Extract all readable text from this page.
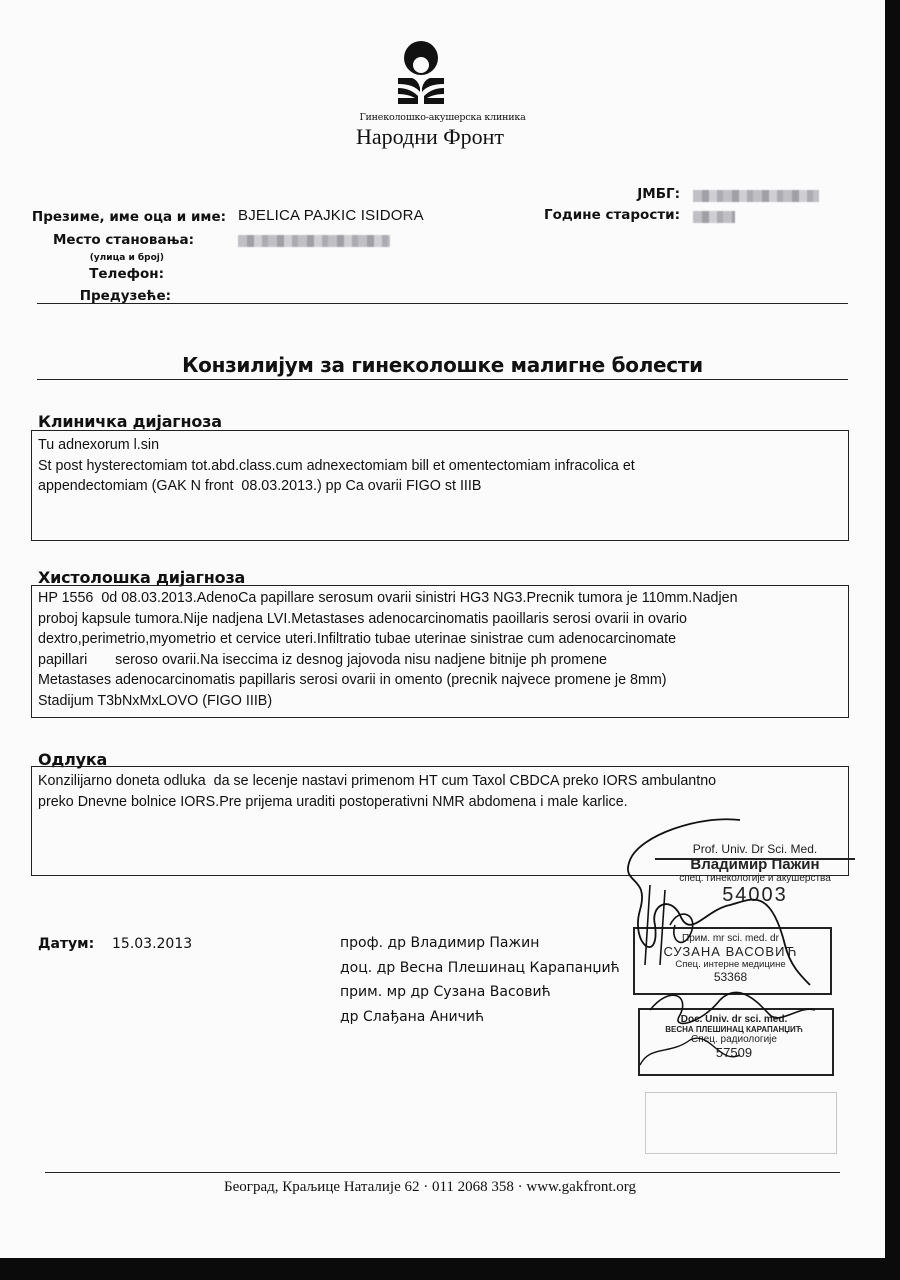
Гинеколошко-акушерска клиника
Народни Фронт
Презиме, име оца и име: BJELICA PAJKIC ISIDORA
Место становања:
(улица и број)
Телефон:
Предузеће:
ЈМБГ:
Године старости:
Конзилијум за гинеколошке малигне болести
Клиничка дијагноза
Tu adnexorum l.sin
St post hysterectomiam tot.abd.class.cum adnexectomiam bill et omentectomiam infracolica et
appendectomiam (GAK N front  08.03.2013.) pp Ca ovarii FIGO st IIIB
Хистолошка дијагноза
HP 1556  0d 08.03.2013.AdenoCa papillare serosum ovarii sinistri HG3 NG3.Precnik tumora je 110mm.Nadjen
proboj kapsule tumora.Nije nadjena LVI.Metastases adenocarcinomatis paoillaris serosi ovarii in ovario
dextro,perimetrio,myometrio et cervice uteri.Infiltratio tubae uterinae sinistrae cum adenocarcinomate
papillari       seroso ovarii.Na iseccima iz desnog jajovoda nisu nadjene bitnije ph promene
Metastases adenocarcinomatis papillaris serosi ovarii in omento (precnik najvece promene je 8mm)
Stadijum T3bNxMxLOVO (FIGO IIIB)
Одлука
Konzilijarno doneta odluka  da se lecenje nastavi primenom HT cum Taxol CBDCA preko IORS ambulantno
preko Dnevne bolnice IORS.Pre prijema uraditi postoperativni NMR abdomena i male karlice.
Датум: 15.03.2013	проф. др Владимир Пажин
доц. др Весна Плешинац Карапанџић
прим. мр др Сузана Васовић
др Слађана Аничић
Prof. Univ. Dr Sci. Med.
Владимир Пажин
спец. гинекологије и акушерства
54003
Прим. mr sci. med. dr
СУЗАНА ВАСОВИЋ
Спец. интерне медицине
53368
Doc. Univ. dr sci. med.
ВЕСНА ПЛЕШИНАЦ КАРАПАНЏИЋ
Спец. радиологије
57509
Београд, Краљице Наталије 62 · 011 2068 358 · www.gakfront.org
